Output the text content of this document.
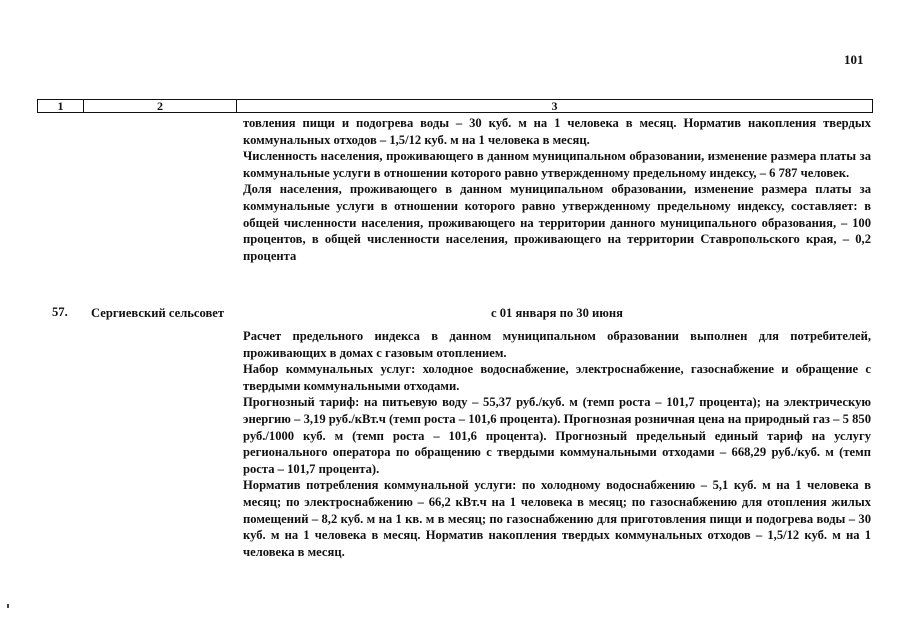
101
1	2	3

товления пищи и подогрева воды – 30 куб. м на 1 человека в месяц. Норматив накопления твердых коммунальных отходов – 1,5/12 куб. м на 1 человека в месяц.

Численность населения, проживающего в данном муниципальном образовании, изменение размера платы за коммунальные услуги в отношении которого равно утвержденному предельному индексу, – 6 787 человек.

Доля населения, проживающего в данном муниципальном образовании, изменение размера платы за коммунальные услуги в отношении которого равно утвержденному предельному индексу, составляет: в общей численности населения, проживающего на территории данного муниципального образования, – 100 процентов, в общей численности населения, проживающего на территории Ставропольского края, – 0,2 процента

57. Сергиевский сельсовет	с 01 января по 30 июня

Расчет предельного индекса в данном муниципальном образовании выполнен для потребителей, проживающих в домах с газовым отоплением.

Набор коммунальных услуг: холодное водоснабжение, электроснабжение, газоснабжение и обращение с твердыми коммунальными отходами.

Прогнозный тариф: на питьевую воду – 55,37 руб./куб. м (темп роста – 101,7 процента); на электрическую энергию – 3,19 руб./кВт.ч (темп роста – 101,6 процента). Прогнозная розничная цена на природный газ – 5 850 руб./1000 куб. м (темп роста – 101,6 процента). Прогнозный предельный единый тариф на услугу регионального оператора по обращению с твердыми коммунальными отходами – 668,29 руб./куб. м (темп роста – 101,7 процента).

Норматив потребления коммунальной услуги: по холодному водоснабжению – 5,1 куб. м на 1 человека в месяц; по электроснабжению – 66,2 кВт.ч на 1 человека в месяц; по газоснабжению для отопления жилых помещений – 8,2 куб. м на 1 кв. м в месяц; по газоснабжению для приготовления пищи и подогрева воды – 30 куб. м на 1 человека в месяц. Норматив накопления твердых коммунальных отходов – 1,5/12 куб. м на 1 человека в месяц.
